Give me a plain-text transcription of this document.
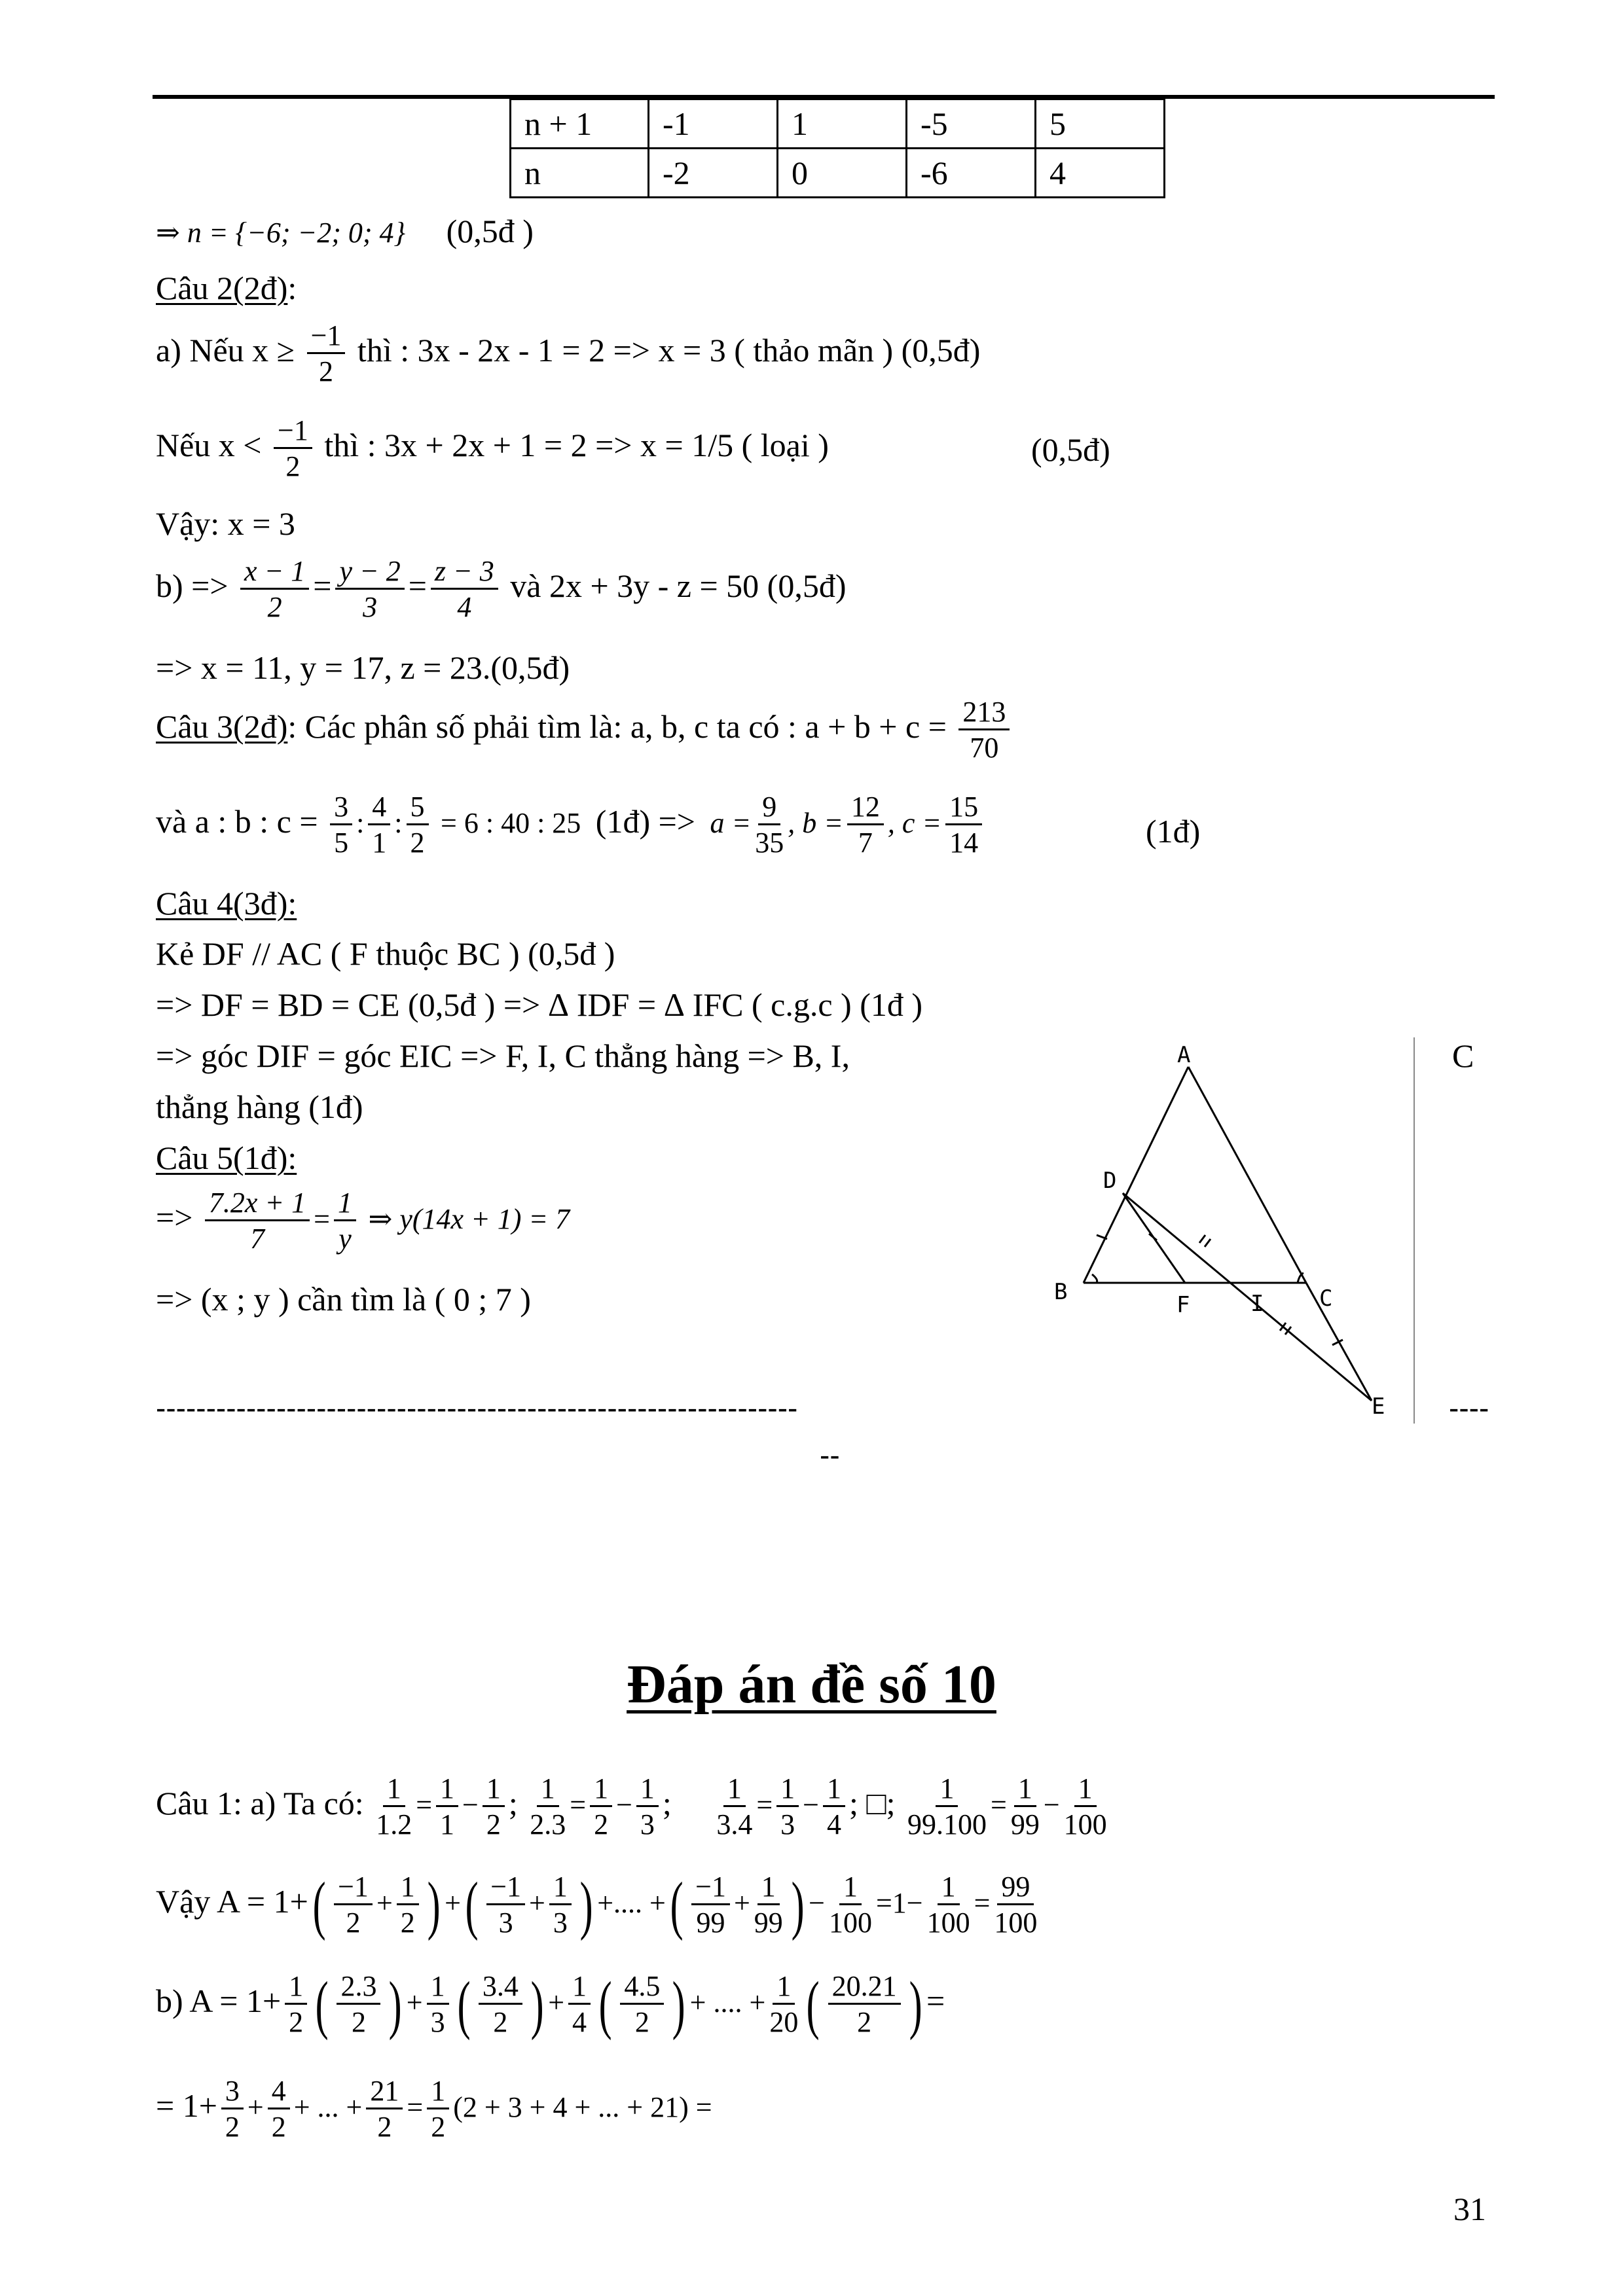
n + 1	-1	1	-5	5
n	-2	0	-6	4
⇒ n = {−6; −2; 0; 4} (0,5đ )
Câu 2(2đ):
a) Nếu $x \ge \frac{-1}{2}$ thì : 3x - 2x - 1 = 2 => x = 3 ( thảo mãn ) (0,5đ)
Nếu $x < \frac{-1}{2}$ thì : 3x + 2x + 1 = 2 => x = 1/5 ( loại )	(0,5đ)
Vậy: x = 3
$b) => \frac{x - 1}{2} = \frac{y - 2}{3} = \frac{z - 3}{4}$ và 2x + 3y - z = 50 (0,5đ)
=> x = 11, y = 17, z = 23.(0,5đ)
Câu 3(2đ): Các phân số phải tìm là: a, b, c ta có : $a + b + c = \frac{213}{70}$
và a : b : $c = \frac{3}{5}$ : $\frac{4}{1}$ : $\frac{5}{2} = 6$ : 40 : 25 (1đ) => $a = \frac{9}{35}$ , $b = \frac{12}{7}$ , $c = \frac{15}{14}$	(1đ)
Câu 4(3đ):
Kẻ DF // AC ( F thuộc BC ) (0,5đ )
=> DF = BD = CE (0,5đ ) => ∆ IDF = ∆ IFC ( c.g.c ) (1đ )
=> góc DIF = góc EIC => F, I, C thẳng hàng => B, I,	C
thẳng hàng (1đ)
Câu 5(1đ):
=> $\frac{7.2x + 1}{7} = \frac{1}{y}$ ⇒ y(14x + 1) = 7
=> (x ; y ) cần tìm là ( 0 ; 7 )
A
B
D
C
E
F	I
----------------------------------------------------------------	----
--
Đáp án đề số 10
Câu 1: a) Ta có: $\frac{1}{1.2} = \frac{1}{1} - \frac{1}{2}$ ; $\frac{1}{2.3} = \frac{1}{2} - \frac{1}{3}$ ; $\frac{1}{3.4} = \frac{1}{3} - \frac{1}{4}$ ; □; $\frac{1}{99.100} = \frac{1}{99} - \frac{1}{100}$
Vậy $A = 1+( \frac{-1}{2} + \frac{1}{2}$ ) +( $\frac{-1}{3} + \frac{1}{3}$ ) +.... +( $\frac{-1}{99} + \frac{1}{99}$ ) − $\frac{1}{100} =1- \frac{1}{100} = \frac{99}{100}$
b) $A = 1+ \frac{1}{2}$ ( $\frac{2.3}{2}$ ) + $\frac{1}{3}$ ( $\frac{3.4}{2}$ ) + $\frac{1}{4}$ ( $\frac{4.5}{2}$ ) + .... + $\frac{1}{20}$ ( $\frac{20.21}{2}$ ) =
= $1+ \frac{3}{2} + \frac{4}{2}$ + ... + $\frac{21}{2} = \frac{1}{2} (2 + 3 + 4$ + ... + 21) =
31
